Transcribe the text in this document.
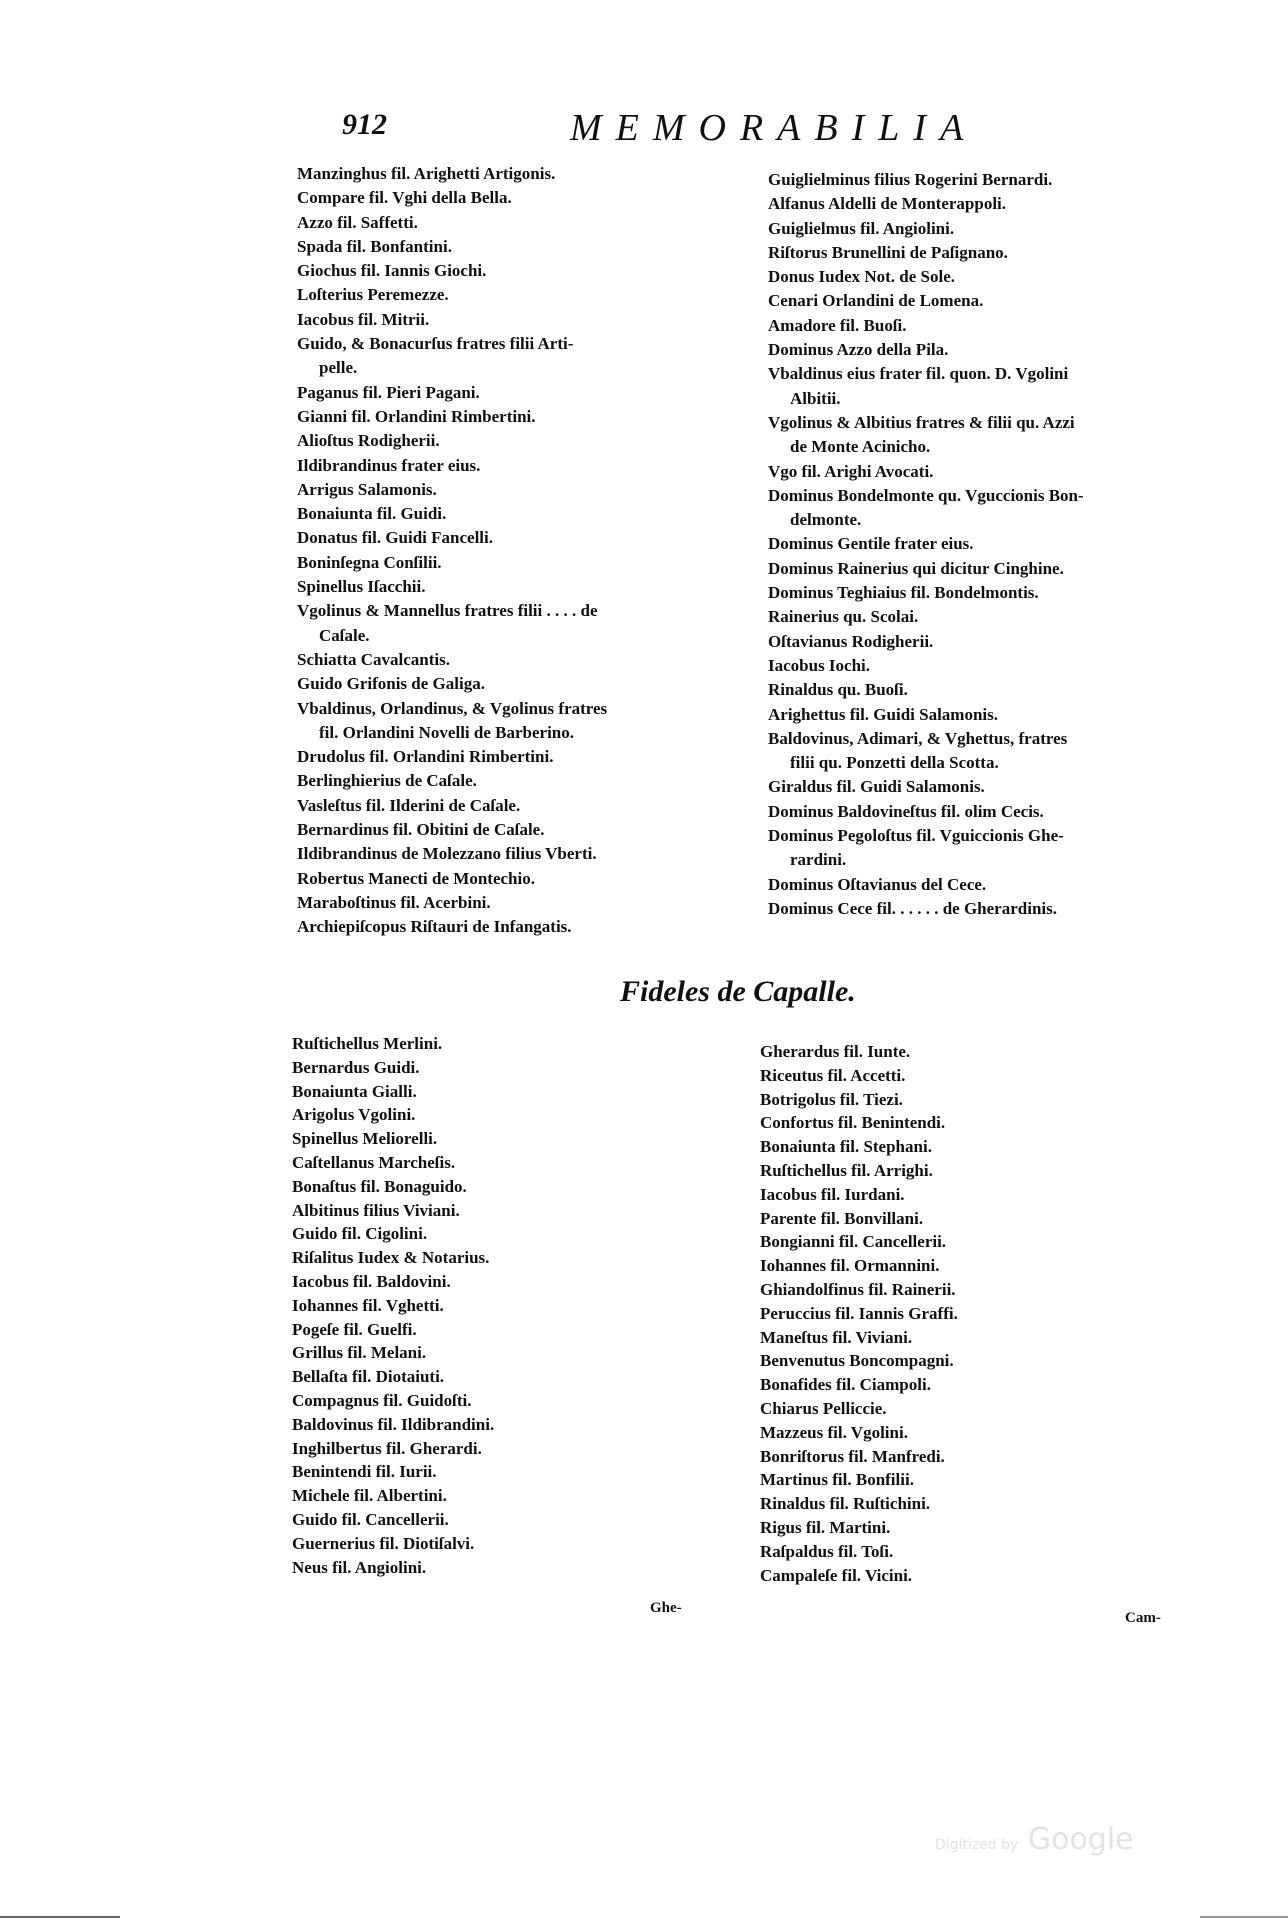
912	MEMORABILIA
Manzinghus fil. Arighetti Artigonis.
Compare fil. Vghi della Bella.
Azzo fil. Saffetti.
Spada fil. Bonfantini.
Giochus fil. Iannis Giochi.
Loſterius Peremezze.
Iacobus fil. Mitrii.
Guido, & Bonacurſus fratres filii Arti-
pelle.
Paganus fil. Pieri Pagani.
Gianni fil. Orlandini Rimbertini.
Alioſtus Rodigherii.
Ildibrandinus frater eius.
Arrigus Salamonis.
Bonaiunta fil. Guidi.
Donatus fil. Guidi Fancelli.
Boninſegna Conſilii.
Spinellus Iſacchii.
Vgolinus & Mannellus fratres filii . . . . de
Caſale.
Schiatta Cavalcantis.
Guido Grifonis de Galiga.
Vbaldinus, Orlandinus, & Vgolinus fratres
fil. Orlandini Novelli de Barberino.
Drudolus fil. Orlandini Rimbertini.
Berlinghierius de Caſale.
Vasleſtus fil. Ilderini de Caſale.
Bernardinus fil. Obitini de Caſale.
Ildibrandinus de Molezzano filius Vberti.
Robertus Manecti de Montechio.
Maraboſtinus fil. Acerbini.
Archiepiſcopus Riſtauri de Infangatis.
Guiglielminus filius Rogerini Bernardi.
Alfanus Aldelli de Monterappoli.
Guiglielmus fil. Angiolini.
Riſtorus Brunellini de Paſignano.
Donus Iudex Not. de Sole.
Cenari Orlandini de Lomena.
Amadore fil. Buoſi.
Dominus Azzo della Pila.
Vbaldinus eius frater fil. quon. D. Vgolini
Albitii.
Vgolinus & Albitius fratres & filii qu. Azzi
de Monte Acinicho.
Vgo fil. Arighi Avocati.
Dominus Bondelmonte qu. Vguccionis Bon-
delmonte.
Dominus Gentile frater eius.
Dominus Rainerius qui dicitur Cinghine.
Dominus Teghiaius fil. Bondelmontis.
Rainerius qu. Scolai.
Oſtavianus Rodigherii.
Iacobus Iochi.
Rinaldus qu. Buoſi.
Arighettus fil. Guidi Salamonis.
Baldovinus, Adimari, & Vghettus, fratres
filii qu. Ponzetti della Scotta.
Giraldus fil. Guidi Salamonis.
Dominus Baldovineſtus fil. olim Cecis.
Dominus Pegoloſtus fil. Vguiccionis Ghe-
rardini.
Dominus Oſtavianus del Cece.
Dominus Cece fil. . . . . . de Gherardinis.
Fideles de Capalle.
Ruſtichellus Merlini.
Bernardus Guidi.
Bonaiunta Gialli.
Arigolus Vgolini.
Spinellus Meliorelli.
Caſtellanus Marcheſis.
Bonaſtus fil. Bonaguido.
Albitinus filius Viviani.
Guido fil. Cigolini.
Riſalitus Iudex & Notarius.
Iacobus fil. Baldovini.
Iohannes fil. Vghetti.
Pogeſe fil. Guelfi.
Grillus fil. Melani.
Bellaſta fil. Diotaiuti.
Compagnus fil. Guidoſti.
Baldovinus fil. Ildibrandini.
Inghilbertus fil. Gherardi.
Benintendi fil. Iurii.
Michele fil. Albertini.
Guido fil. Cancellerii.
Guernerius fil. Diotiſalvi.
Neus fil. Angiolini.
Gherardus fil. Iunte.
Riceutus fil. Accetti.
Botrigolus fil. Tiezi.
Confortus fil. Benintendi.
Bonaiunta fil. Stephani.
Ruſtichellus fil. Arrighi.
Iacobus fil. Iurdani.
Parente fil. Bonvillani.
Bongianni fil. Cancellerii.
Iohannes fil. Ormannini.
Ghiandolfinus fil. Rainerii.
Peruccius fil. Iannis Graffi.
Maneſtus fil. Viviani.
Benvenutus Boncompagni.
Bonafides fil. Ciampoli.
Chiarus Pelliccie.
Mazzeus fil. Vgolini.
Bonriſtorus fil. Manfredi.
Martinus fil. Bonfilii.
Rinaldus fil. Ruſtichini.
Rigus fil. Martini.
Raſpaldus fil. Toſi.
Campaleſe fil. Vicini.
Ghe-
Cam-
Digitized by Google
